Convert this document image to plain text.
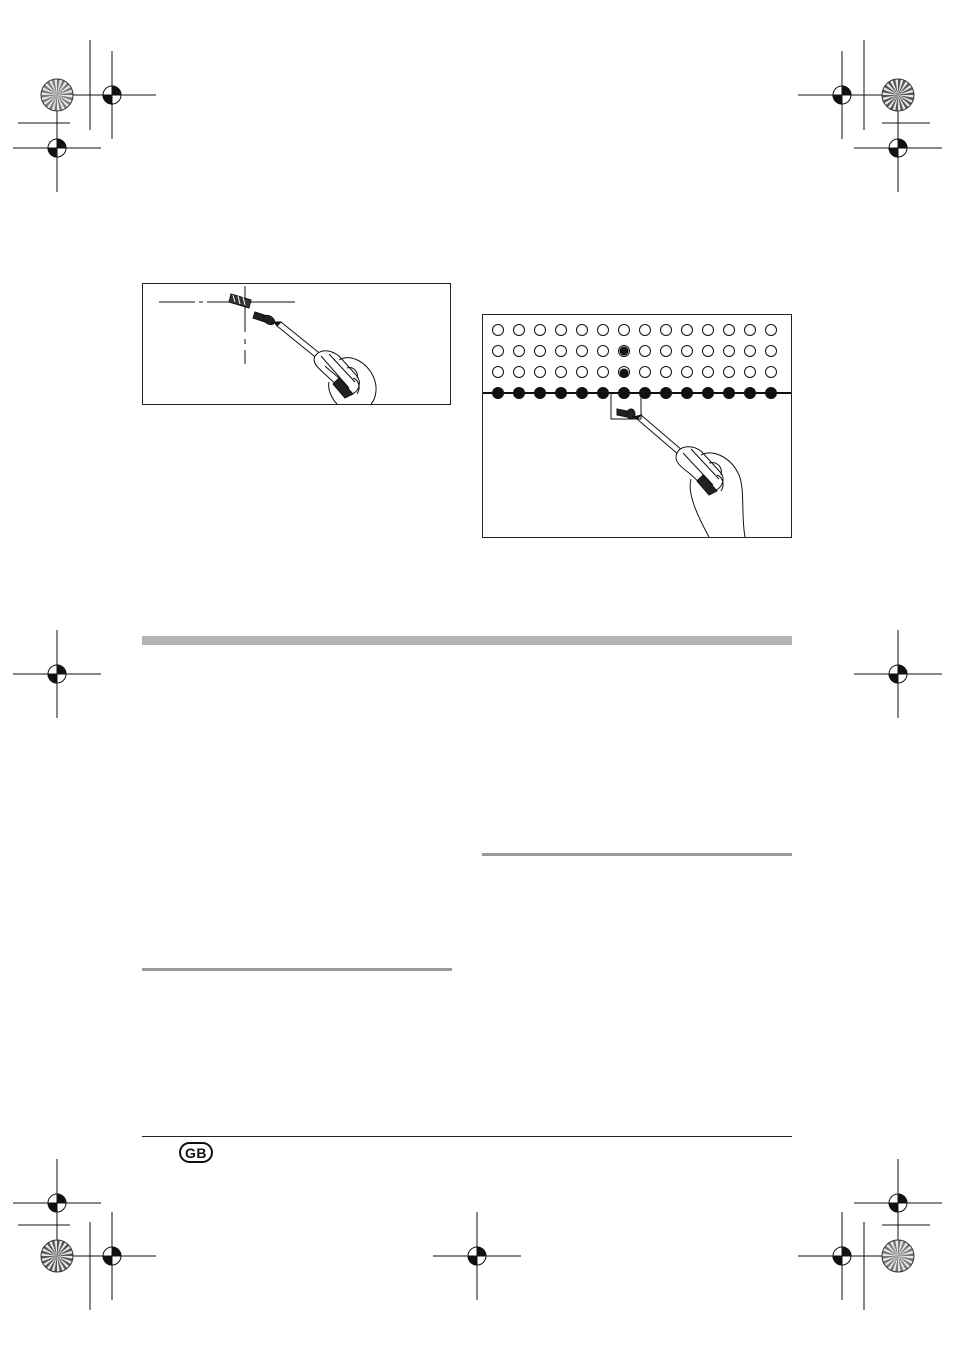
GB
